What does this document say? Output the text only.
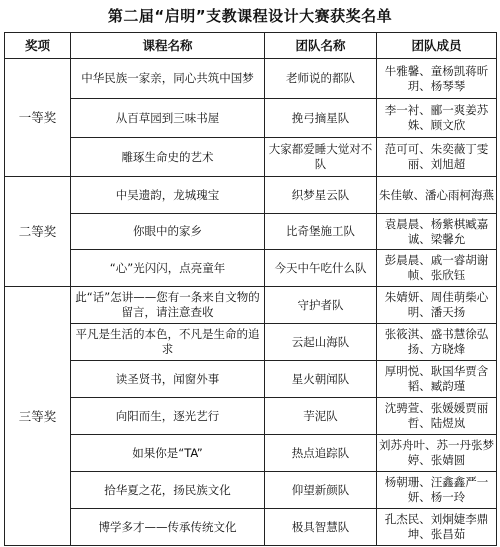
第二届“启明”支教课程设计大赛获奖名单
奖项	课程名称	团队名称	团队成员
一等奖	中华民族一家亲，同心共筑中国梦	老师说的都队	牛雅馨、童杨凯蒋昕玥、杨琴琴
	从百草园到三味书屋	挽弓摘星队	李一衬、郦一爽姜苏姝、顾文欣
	雕琢生命史的艺术	大家都爱睡大觉对不队	范可可、朱奕薇丁雯丽、刘旭超
二等奖	中吴遗韵，龙城瑰宝	织梦星云队	朱佳敏、潘心雨柯海燕
	你眼中的家乡	比奇堡施工队	袁晨晨、杨紫棋臧嘉诚、梁馨允
	“心”光闪闪，点亮童年	今天中午吃什么队	彭晨晨、戚一睿胡谢帧、张欣钰
三等奖	此“话”怎讲——您有一条来自文物的留言，请注意查收	守护者队	朱婧妍、周佳萌柴心明、潘天扬
	平凡是生活的本色，不凡是生命的追求	云起山海队	张筱淇、盛书慧徐弘扬、方晓烽
	读圣贤书，闻窗外事	星火朝闻队	厚明悦、耿国华贾含韬、臧韵瑾
	向阳而生，逐光艺行	芋泥队	沈骋萱、张媛媛贾丽哲、陆煜岚
	如果你是“TA”	热点追踪队	刘苏舟叶、苏一丹张梦婷、张婧圆
	拾华夏之花，扬民族文化	仰望新颜队	杨朝珊、汪鑫鑫严一妍、杨一玲
	博学多才——传承传统文化	极具智慧队	孔杰民、刘炯婕李鼎坤、张昌茹
